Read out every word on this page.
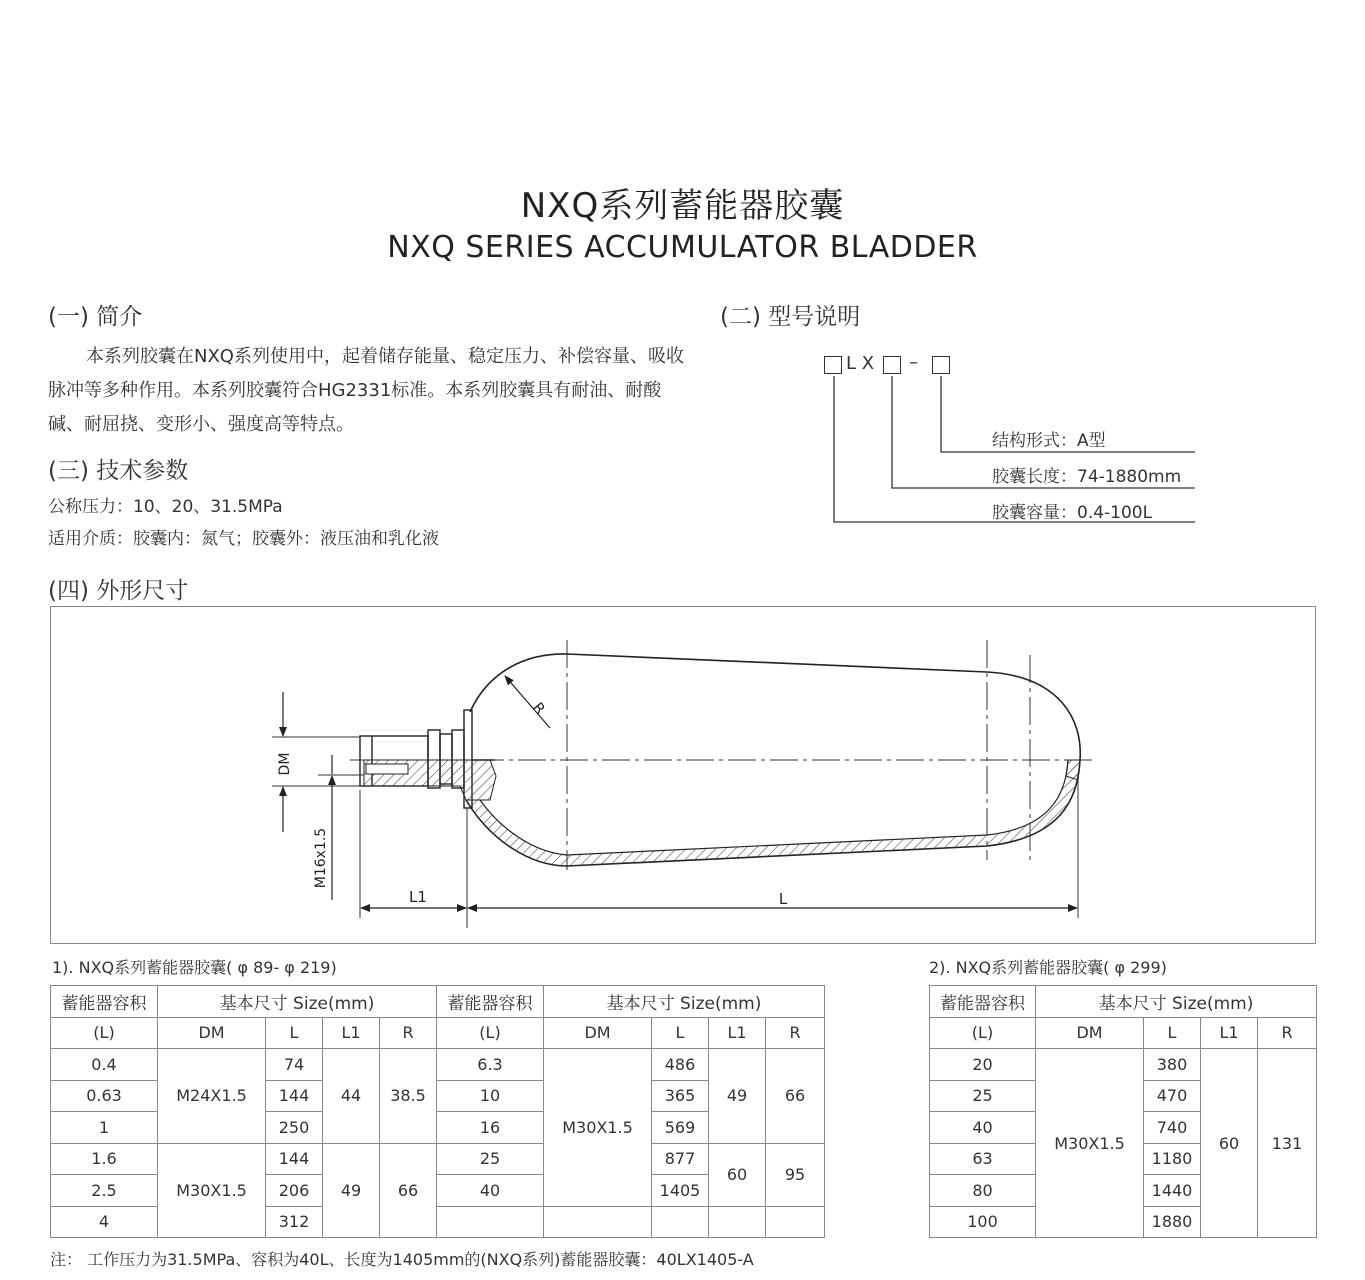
NXQ系列蓄能器胶囊
NXQ SERIES ACCUMULATOR BLADDER
(一) 简介
本系列胶囊在NXQ系列使用中，起着储存能量、稳定压力、补偿容量、吸收脉冲等多种作用。本系列胶囊符合HG2331标准。本系列胶囊具有耐油、耐酸碱、耐屈挠、变形小、强度高等特点。
(三) 技术参数
公称压力：10、20、31.5MPa
适用介质：胶囊内：氮气；胶囊外：液压油和乳化液
(二) 型号说明
L X –
结构形式：A型
胶囊长度：74-1880mm
胶囊容量：0.4-100L
(四) 外形尺寸
R
DM
M16x1.5
L1	L
1). NXQ系列蓄能器胶囊( φ 89- φ 219)	2). NXQ系列蓄能器胶囊( φ 299)
蓄能器容积	基本尺寸 Size(mm)				蓄能器容积	基本尺寸 Size(mm)			
(L)	DM	L	L1	R	(L)	DM	L	L1	R
0.4	M24X1.5	74	44	38.5	6.3	M30X1.5	486	49	66
0.63		144			10		365		
1		250			16		569		
1.6	M30X1.5	144	49	66	25		877	60	95
2.5		206			40		1405		
4		312							
蓄能器容积	基本尺寸 Size(mm)			
(L)	DM	L	L1	R
20	M30X1.5	380	60	131
25		470		
40		740		
63		1180		
80		1440		
100		1880		
注： 工作压力为31.5MPa、容积为40L、长度为1405mm的(NXQ系列)蓄能器胶囊：40LX1405-A
